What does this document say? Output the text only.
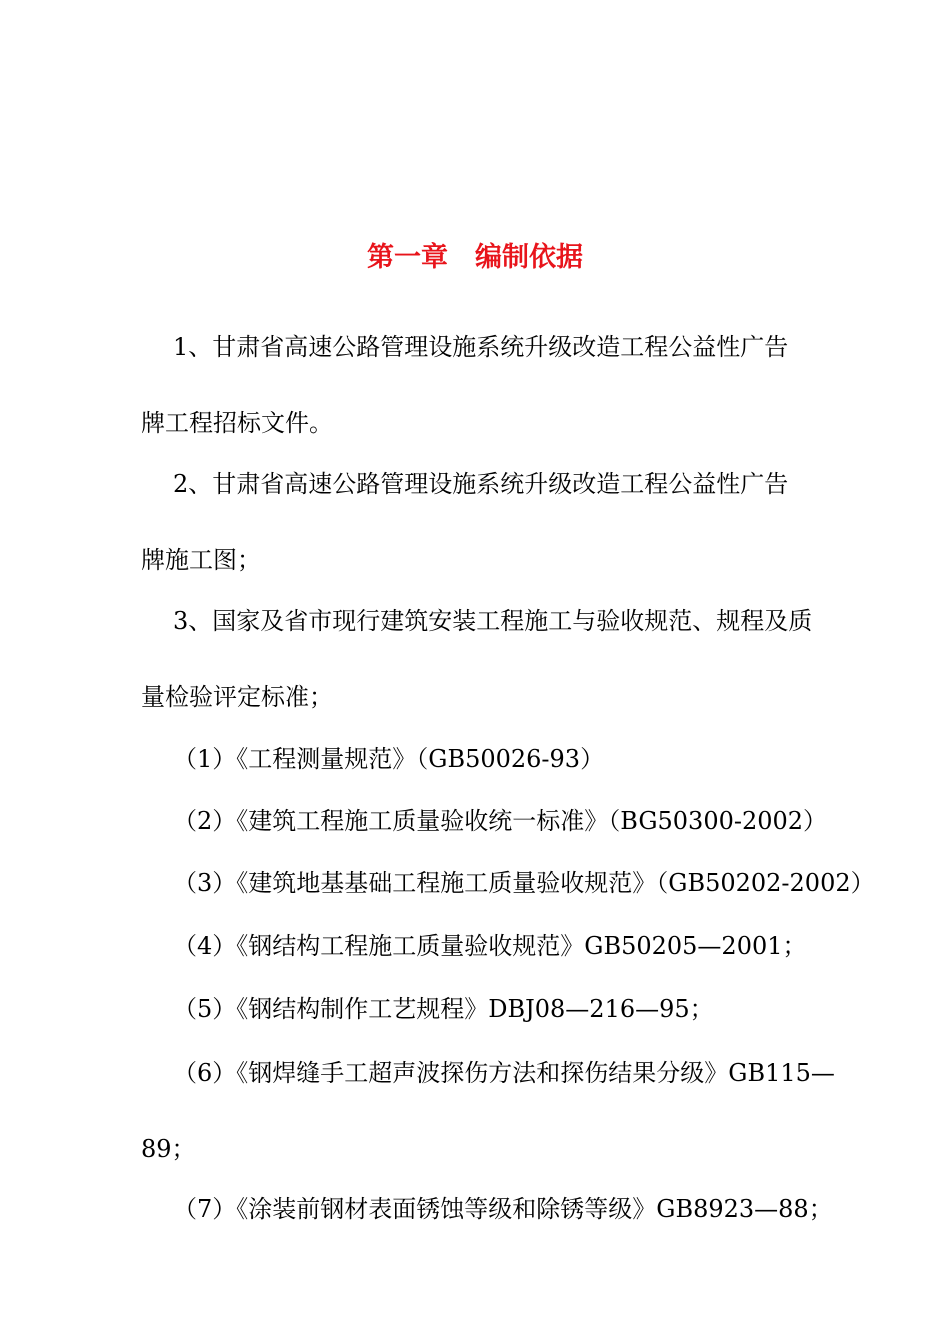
第一章　编制依据
1、甘肃省高速公路管理设施系统升级改造工程公益性广告
牌工程招标文件。
2、甘肃省高速公路管理设施系统升级改造工程公益性广告
牌施工图；
3、国家及省市现行建筑安装工程施工与验收规范、规程及质
量检验评定标准；
（1）《工程测量规范》（GB50026-93）
（2）《建筑工程施工质量验收统一标准》（BG50300-2002）
（3）《建筑地基基础工程施工质量验收规范》（GB50202-2002）
（4）《钢结构工程施工质量验收规范》GB50205—2001；
（5）《钢结构制作工艺规程》DBJ08—216—95；
（6）《钢焊缝手工超声波探伤方法和探伤结果分级》GB115—
89；
（7）《涂装前钢材表面锈蚀等级和除锈等级》GB8923—88；
